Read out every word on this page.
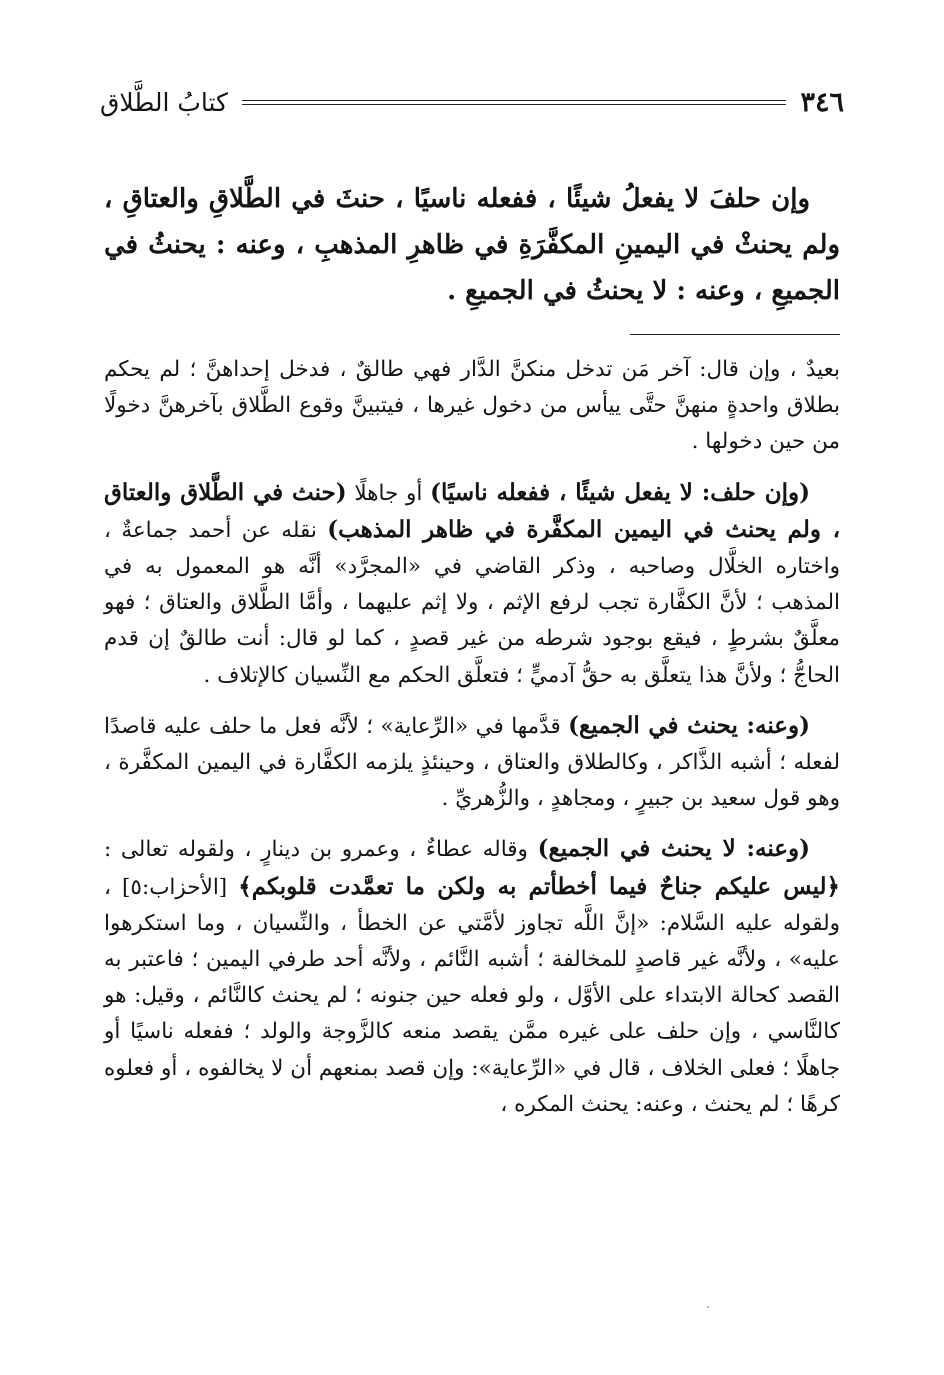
كتابُ الطَّلاق	٣٤٦

وإن حلفَ لا يفعلُ شيئًا ، ففعله ناسيًا ، حنثَ في الطَّلاقِ والعتاقِ ، ولم يحنثْ في اليمينِ المكفَّرَةِ في ظاهرِ المذهبِ ، وعنه : يحنثُ في الجميعِ ، وعنه : لا يحنثُ في الجميعِ .

بعيدٌ ، وإن قال: آخر مَن تدخل منكنَّ الدَّار فهي طالقٌ ، فدخل إحداهنَّ ؛ لم يحكم بطلاق واحدةٍ منهنَّ حتَّى ييأس من دخول غيرها ، فيتبينَّ وقوع الطَّلاق بآخرهنَّ دخولًا من حين دخولها .

(وإن حلف: لا يفعل شيئًا ، ففعله ناسيًا) أو جاهلًا (حنث في الطَّلاق والعتاق ، ولم يحنث في اليمين المكفَّرة في ظاهر المذهب) نقله عن أحمد جماعةٌ ، واختاره الخلَّال وصاحبه ، وذكر القاضي في «المجرَّد» أنَّه هو المعمول به في المذهب ؛ لأنَّ الكفَّارة تجب لرفع الإثم ، ولا إثم عليهما ، وأمَّا الطَّلاق والعتاق ؛ فهو معلَّقٌ بشرطٍ ، فيقع بوجود شرطه من غير قصدٍ ، كما لو قال: أنت طالقٌ إن قدم الحاجُّ ؛ ولأنَّ هذا يتعلَّق به حقُّ آدميٍّ ؛ فتعلَّق الحكم مع النِّسيان كالإتلاف .

(وعنه: يحنث في الجميع) قدَّمها في «الرِّعاية» ؛ لأنَّه فعل ما حلف عليه قاصدًا لفعله ؛ أشبه الذَّاكر ، وكالطلاق والعتاق ، وحينئذٍ يلزمه الكفَّارة في اليمين المكفَّرة ، وهو قول سعيد بن جبيرٍ ، ومجاهدٍ ، والزُّهريِّ .

(وعنه: لا يحنث في الجميع) وقاله عطاءٌ ، وعمرو بن دينارٍ ، ولقوله تعالى : ﴿ليس عليكم جناحٌ فيما أخطأتم به ولكن ما تعمَّدت قلوبكم﴾ [الأحزاب:٥] ، ولقوله عليه السَّلام: «إنَّ اللَّه تجاوز لأمَّتي عن الخطأ ، والنِّسيان ، وما استكرهوا عليه» ، ولأنَّه غير قاصدٍ للمخالفة ؛ أشبه النَّائم ، ولأنَّه أحد طرفي اليمين ؛ فاعتبر به القصد كحالة الابتداء على الأوَّل ، ولو فعله حين جنونه ؛ لم يحنث كالنَّائم ، وقيل: هو كالنَّاسي ، وإن حلف على غيره ممَّن يقصد منعه كالزَّوجة والولد ؛ ففعله ناسيًا أو جاهلًا ؛ فعلى الخلاف ، قال في «الرِّعاية»: وإن قصد بمنعهم أن لا يخالفوه ، أو فعلوه كرهًا ؛ لم يحنث ، وعنه: يحنث المكره ،
